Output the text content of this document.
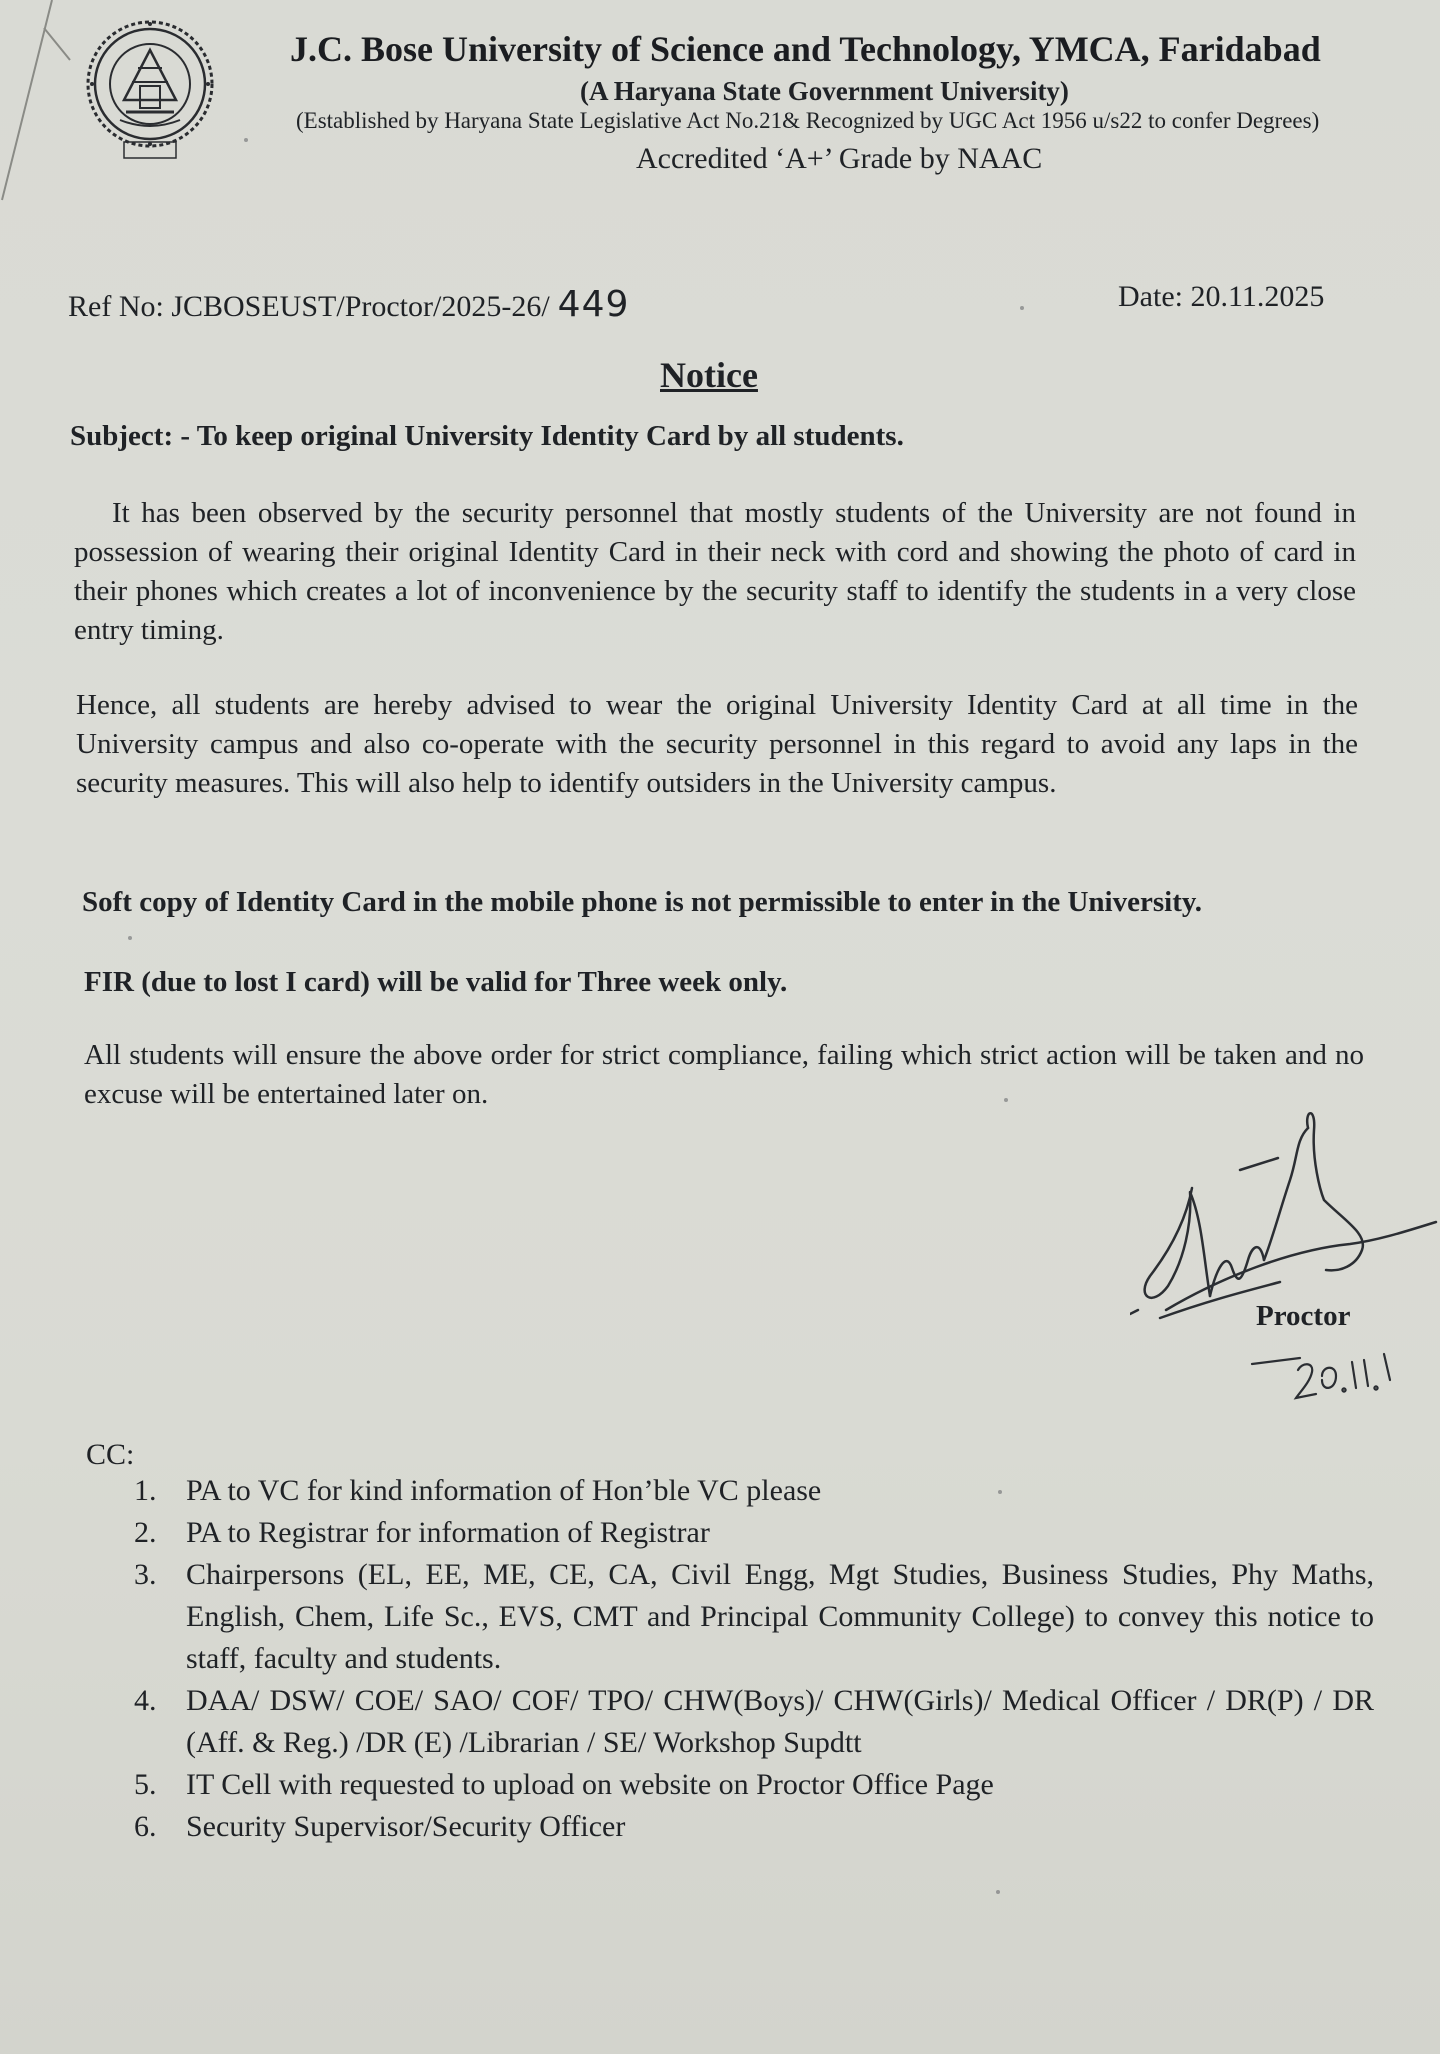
J.C. Bose University of Science and Technology, YMCA, Faridabad
(A Haryana State Government University)
(Established by Haryana State Legislative Act No.21& Recognized by UGC Act 1956 u/s22 to confer Degrees)
Accredited ‘A+’ Grade by NAAC
Ref No: JCBOSEUST/Proctor/2025-26/ 449	Date: 20.11.2025
Notice
Subject: - To keep original University Identity Card by all students.
It has been observed by the security personnel that mostly students of the University are not found in possession of wearing their original Identity Card in their neck with cord and showing the photo of card in their phones which creates a lot of inconvenience by the security staff to identify the students in a very close entry timing.
Hence, all students are hereby advised to wear the original University Identity Card at all time in the University campus and also co-operate with the security personnel in this regard to avoid any laps in the security measures. This will also help to identify outsiders in the University campus.
Soft copy of Identity Card in the mobile phone is not permissible to enter in the University.
FIR (due to lost I card) will be valid for Three week only.
All students will ensure the above order for strict compliance, failing which strict action will be taken and no excuse will be entertained later on.
Proctor
CC:
1. PA to VC for kind information of Hon’ble VC please
2. PA to Registrar for information of Registrar
3. Chairpersons (EL, EE, ME, CE, CA, Civil Engg, Mgt Studies, Business Studies, Phy Maths, English, Chem, Life Sc., EVS, CMT and Principal Community College) to convey this notice to staff, faculty and students.
4. DAA/ DSW/ COE/ SAO/ COF/ TPO/ CHW(Boys)/ CHW(Girls)/ Medical Officer / DR(P) / DR (Aff. & Reg.) /DR (E) /Librarian / SE/ Workshop Supdtt
5. IT Cell with requested to upload on website on Proctor Office Page
6. Security Supervisor/Security Officer
